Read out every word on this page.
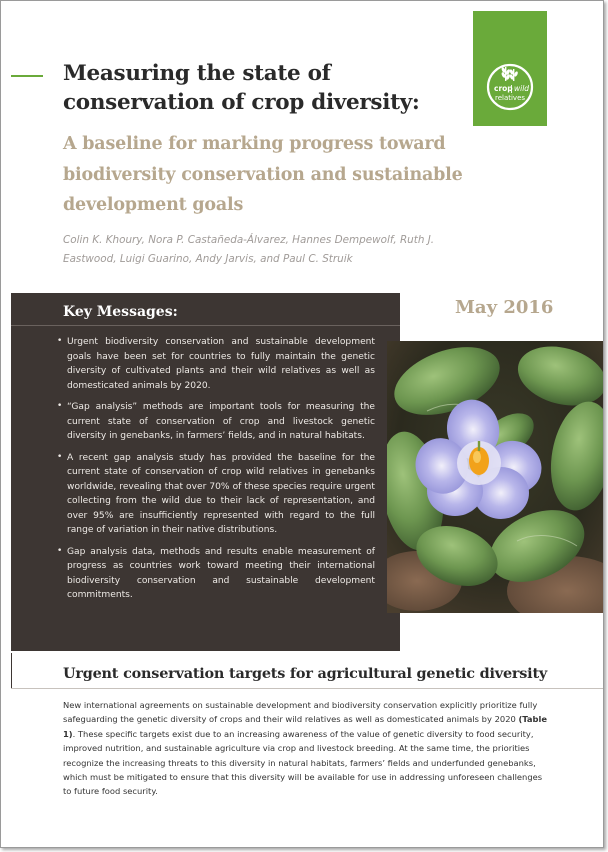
crop wild
relatives
Measuring the state of conservation of crop diversity:
A baseline for marking progress toward biodiversity conservation and sustainable development goals

Colin K. Khoury, Nora P. Castañeda-Álvarez, Hannes Dempewolf, Ruth J. Eastwood, Luigi Guarino, Andy Jarvis, and Paul C. Struik

Key Messages:
• Urgent biodiversity conservation and sustainable development goals have been set for countries to fully maintain the genetic diversity of cultivated plants and their wild relatives as well as domesticated animals by 2020.
• “Gap analysis” methods are important tools for measuring the current state of conservation of crop and livestock genetic diversity in genebanks, in farmers’ fields, and in natural habitats.
• A recent gap analysis study has provided the baseline for the current state of conservation of crop wild relatives in genebanks worldwide, revealing that over 70% of these species require urgent collecting from the wild due to their lack of representation, and over 95% are insufficiently represented with regard to the full range of variation in their native distributions.
• Gap analysis data, methods and results enable measurement of progress as countries work toward meeting their international biodiversity conservation and sustainable development commitments.
May 2016
Urgent conservation targets for agricultural genetic diversity

New international agreements on sustainable development and biodiversity conservation explicitly prioritize fully safeguarding the genetic diversity of crops and their wild relatives as well as domesticated animals by 2020 (Table 1). These specific targets exist due to an increasing awareness of the value of genetic diversity to food security, improved nutrition, and sustainable agriculture via crop and livestock breeding. At the same time, the priorities recognize the increasing threats to this diversity in natural habitats, farmers’ fields and underfunded genebanks, which must be mitigated to ensure that this diversity will be available for use in addressing unforeseen challenges to future food security.
